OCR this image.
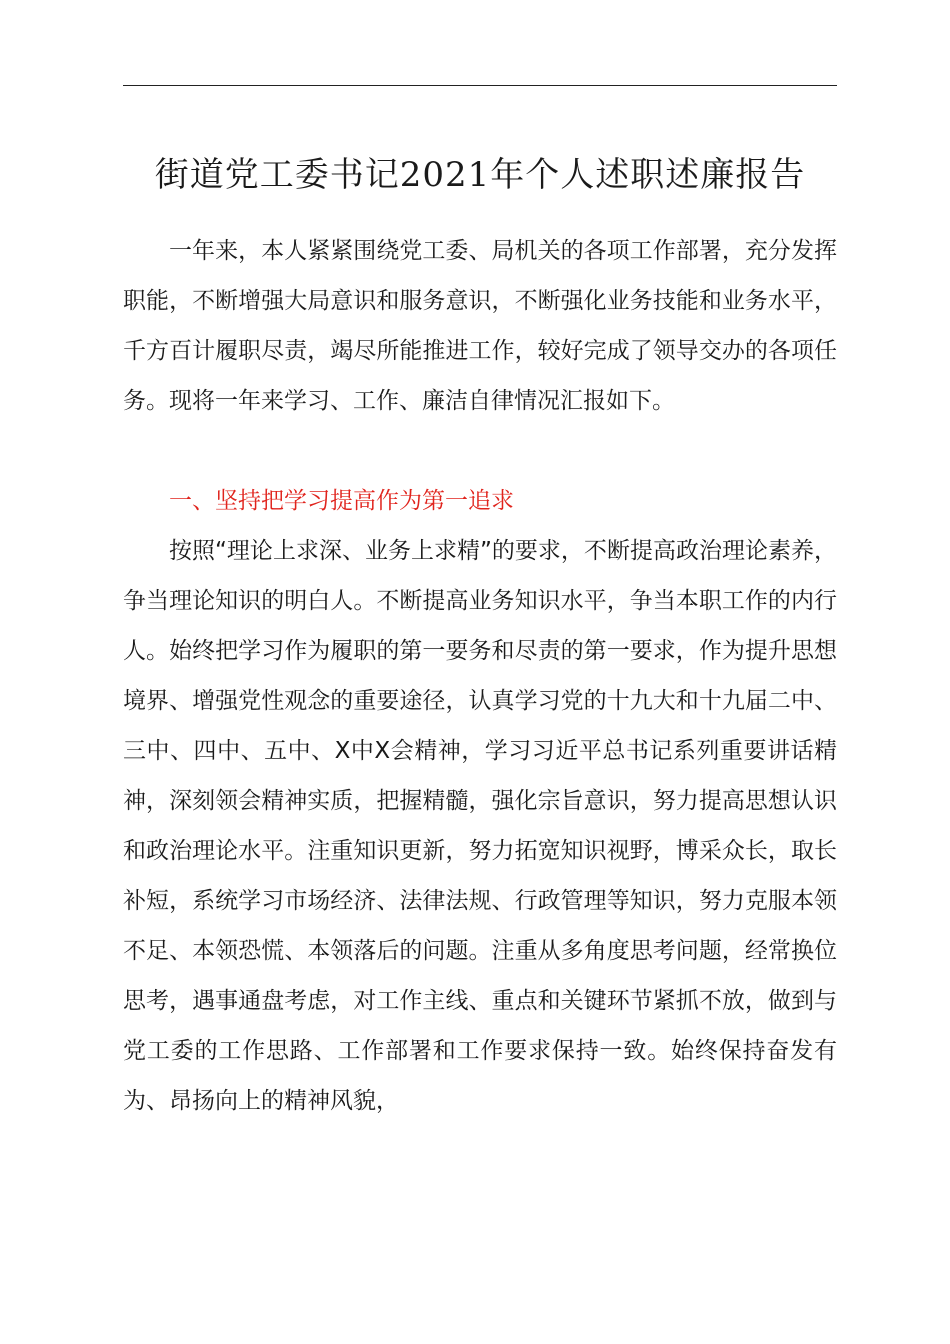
街道党工委书记2021年个人述职述廉报告

一年来，本人紧紧围绕党工委、局机关的各项工作部署，充分发挥职能，不断增强大局意识和服务意识，不断强化业务技能和业务水平，千方百计履职尽责，竭尽所能推进工作，较好完成了领导交办的各项任务。现将一年来学习、工作、廉洁自律情况汇报如下。

一、坚持把学习提高作为第一追求

按照“理论上求深、业务上求精”的要求，不断提高政治理论素养，争当理论知识的明白人。不断提高业务知识水平，争当本职工作的内行人。始终把学习作为履职的第一要务和尽责的第一要求，作为提升思想境界、增强党性观念的重要途径，认真学习党的十九大和十九届二中、三中、四中、五中、X中X会精神，学习习近平总书记系列重要讲话精神，深刻领会精神实质，把握精髓，强化宗旨意识，努力提高思想认识和政治理论水平。注重知识更新，努力拓宽知识视野，博采众长，取长补短，系统学习市场经济、法律法规、行政管理等知识，努力克服本领不足、本领恐慌、本领落后的问题。注重从多角度思考问题，经常换位思考，遇事通盘考虑，对工作主线、重点和关键环节紧抓不放，做到与党工委的工作思路、工作部署和工作要求保持一致。始终保持奋发有为、昂扬向上的精神风貌，
